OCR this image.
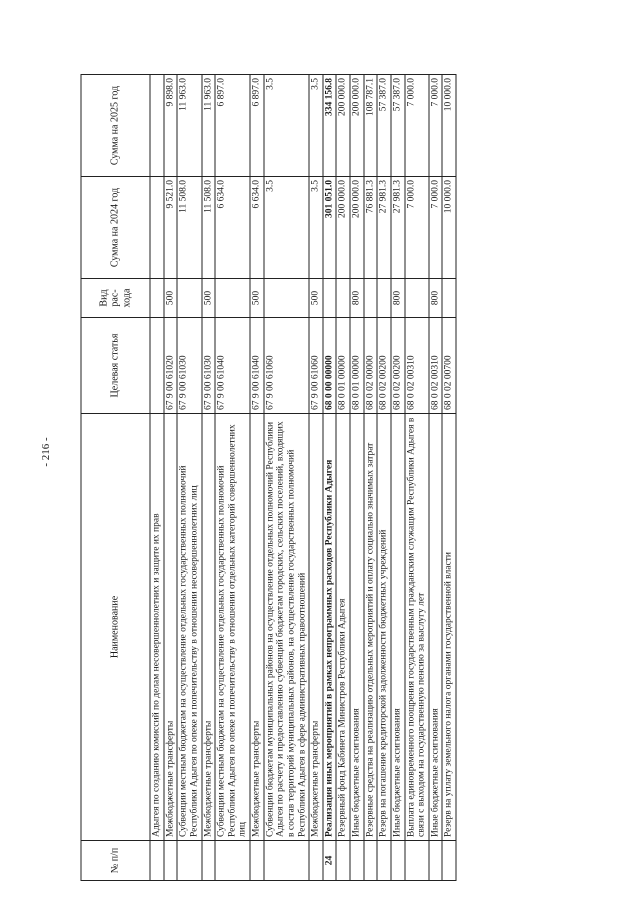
- 216 -
№ п/п	Наименование	Целевая статья	Вид рас-хода	Сумма на 2024 год	Сумма на 2025 год
	Адыгея по созданию комиссий по делам несовершеннолетних и защите их прав				
	Межбюджетные трансферты	67 9 00 61020	500	9 521.0	9 898.0
	Субвенции местным бюджетам на осуществление отдельных государственных полномочий Республики Адыгея по опеке и попечительству в отношении несовершеннолетних лиц	67 9 00 61030		11 508.0	11 963.0
	Межбюджетные трансферты	67 9 00 61030	500	11 508.0	11 963.0
	Субвенции местным бюджетам на осуществление отдельных государственных полномочий Республики Адыгея по опеке и попечительству в отношении отдельных категорий совершеннолетних лиц	67 9 00 61040		6 634.0	6 897.0
	Межбюджетные трансферты	67 9 00 61040	500	6 634.0	6 897.0
	Субвенции бюджетам муниципальных районов на осуществление отдельных полномочий Республики Адыгея по расчету и предоставлению субвенций бюджетам городских, сельских поселений, входящих в состав территорий муниципальных районов, на осуществление государственных полномочий Республики Адыгея в сфере административных правоотношений	67 9 00 61060		3.5	3.5
	Межбюджетные трансферты	67 9 00 61060	500	3.5	3.5
24	Реализация иных мероприятий в рамках непрограммных расходов Республики Адыгея	68 0 00 00000		301 051.0	334 156.8
	Резервный фонд Кабинета Министров Республики Адыгея	68 0 01 00000		200 000.0	200 000.0
	Иные бюджетные ассигнования	68 0 01 00000	800	200 000.0	200 000.0
	Резервные средства на реализацию отдельных мероприятий и оплату социально значимых затрат	68 0 02 00000		76 881.3	108 787.1
	Резерв на погашение кредиторской задолженности бюджетных учреждений	68 0 02 00200		27 981.3	57 387.0
	Иные бюджетные ассигнования	68 0 02 00200	800	27 981.3	57 387.0
	Выплата единовременного поощрения государственным гражданским служащим Республики Адыгея в связи с выходом на государственную пенсию за выслугу лет	68 0 02 00310		7 000.0	7 000.0
	Иные бюджетные ассигнования	68 0 02 00310	800	7 000.0	7 000.0
	Резерв на уплату земельного налога органами государственной власти	68 0 02 00700		10 000.0	10 000.0
